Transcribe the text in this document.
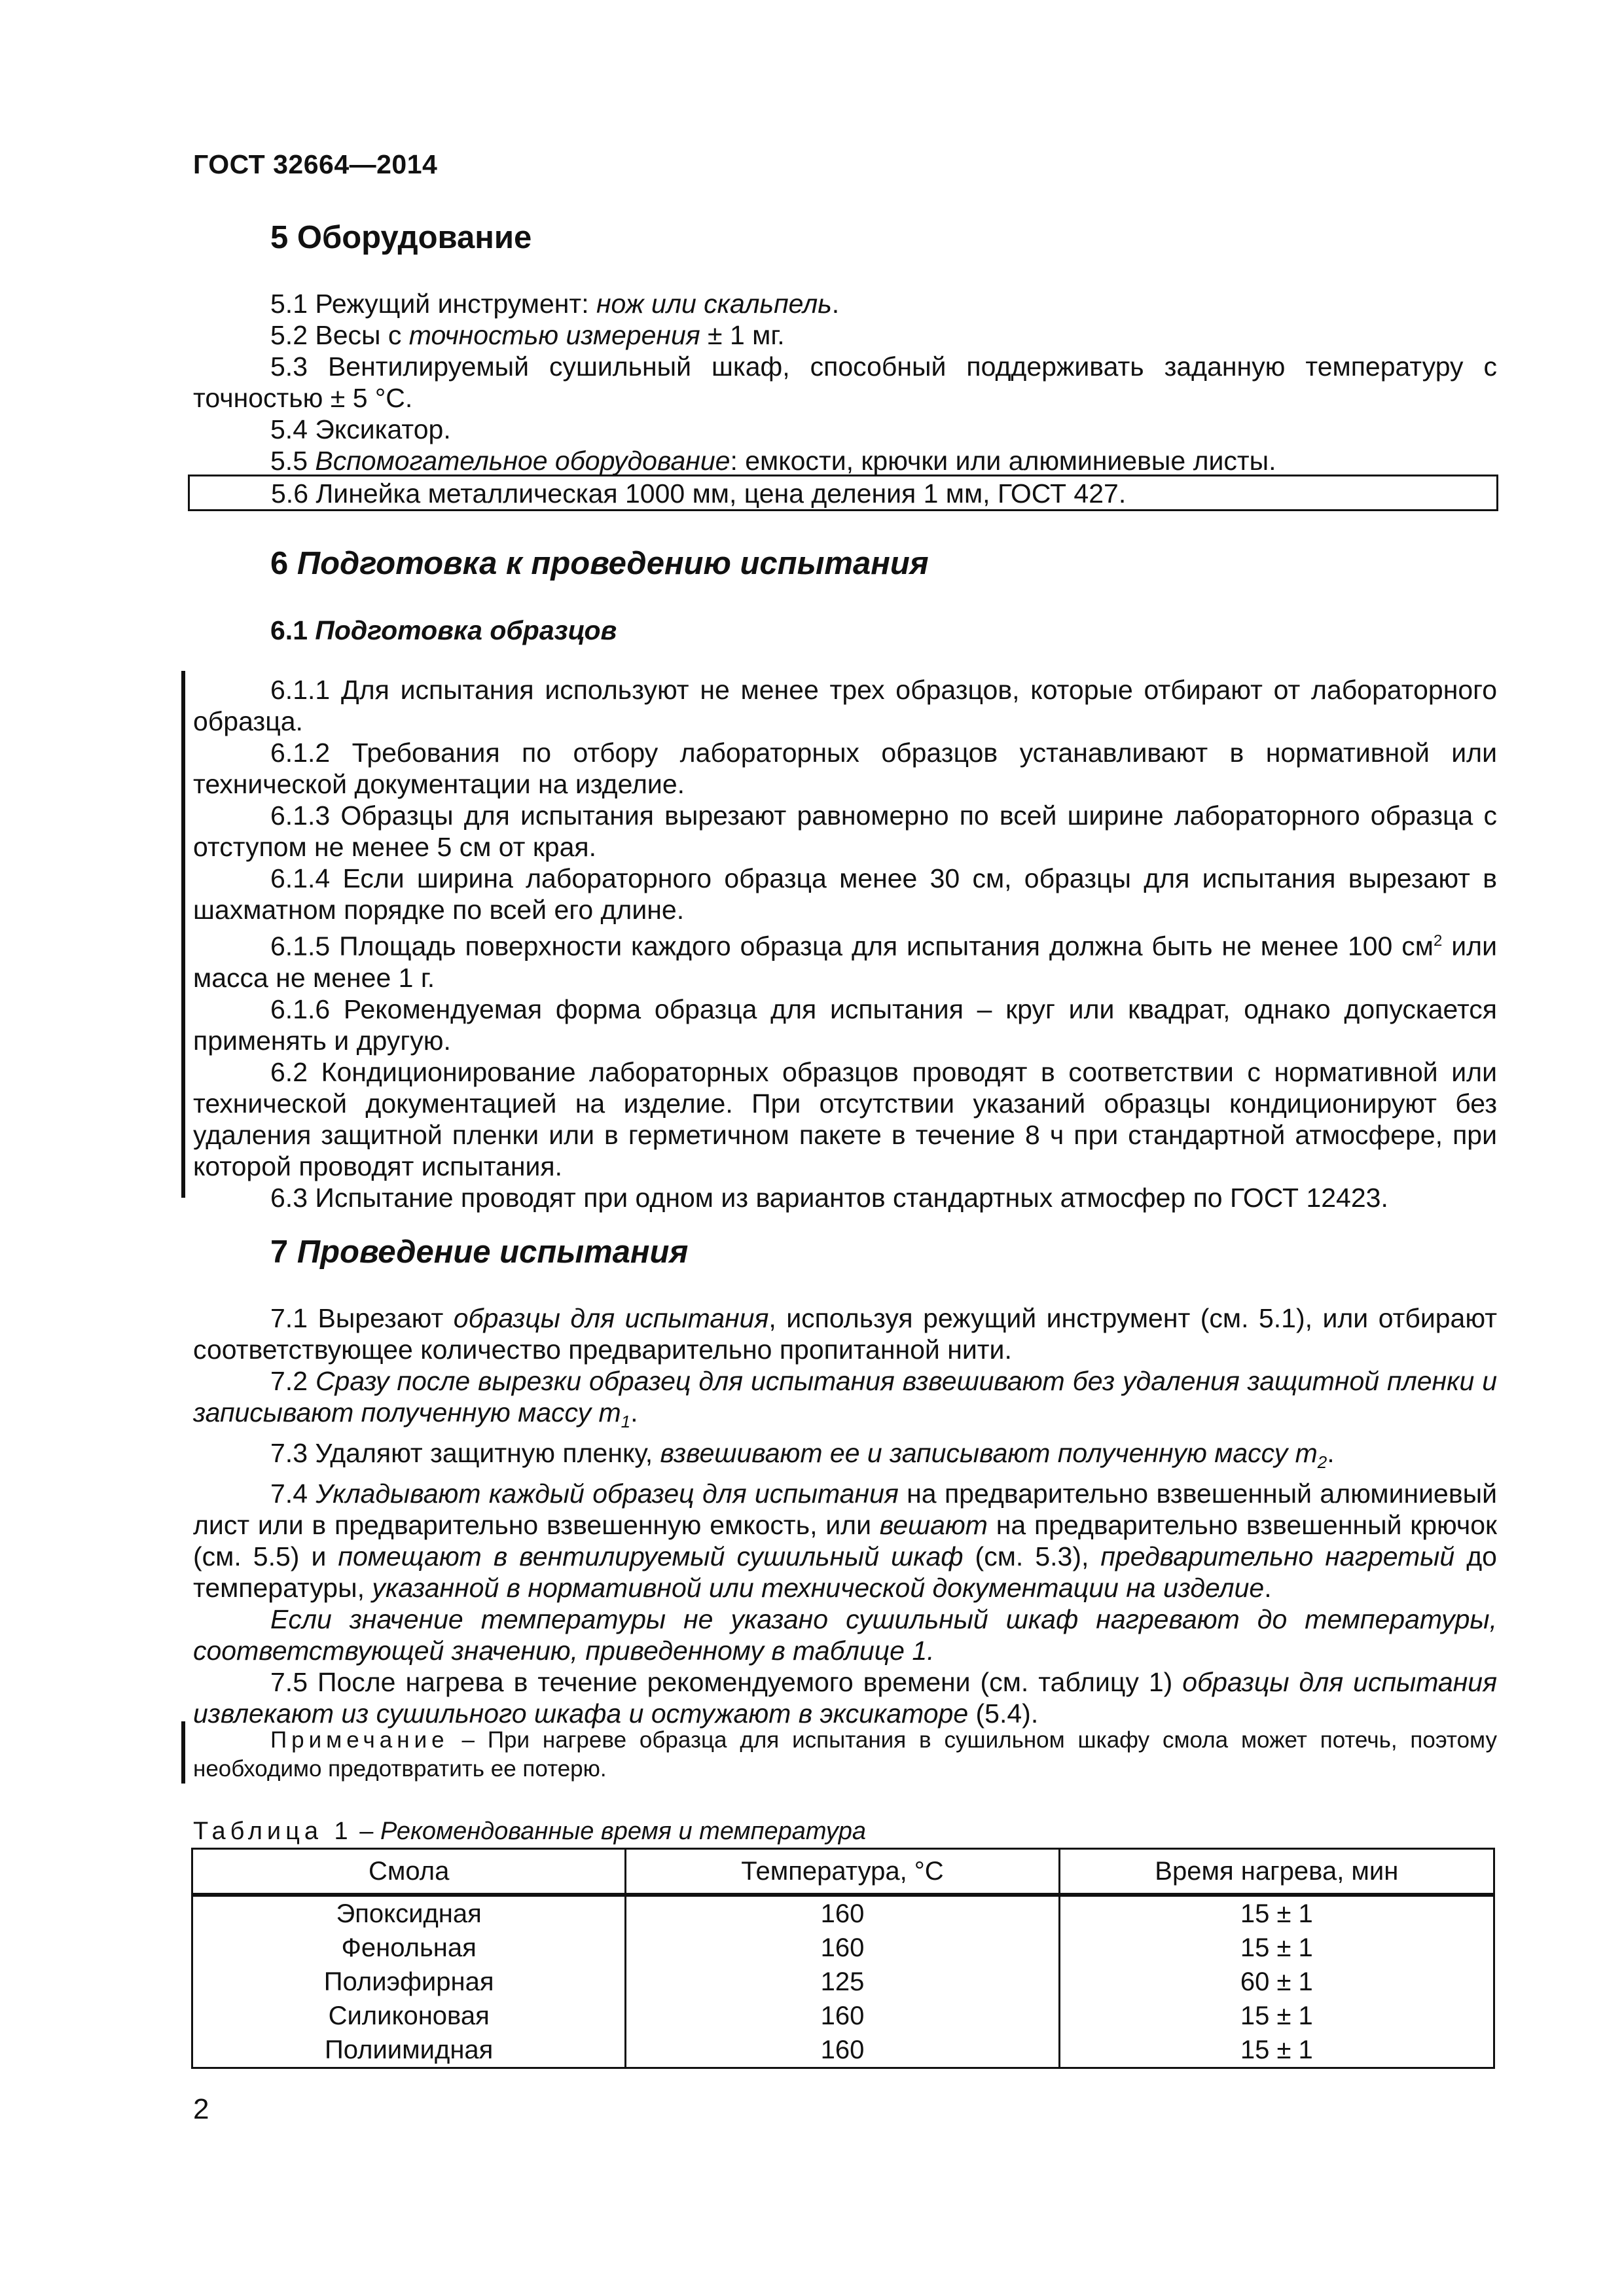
ГОСТ 32664—2014
5 Оборудование

5.1 Режущий инструмент: нож или скальпель.

5.2 Весы с точностью измерения ± 1 мг.

5.3 Вентилируемый сушильный шкаф, способный поддерживать заданную температуру с точностью ± 5 °С.

5.4 Эксикатор.

5.5 Вспомогательное оборудование: емкости, крючки или алюминиевые листы.

5.6 Линейка металлическая 1000 мм, цена деления 1 мм, ГОСТ 427.
6 Подготовка к проведению испытания
6.1 Подготовка образцов

6.1.1 Для испытания используют не менее трех образцов, которые отбирают от лабораторного образца.

6.1.2 Требования по отбору лабораторных образцов устанавливают в нормативной или технической документации на изделие.

6.1.3 Образцы для испытания вырезают равномерно по всей ширине лабораторного образца с отступом не менее 5 см от края.

6.1.4 Если ширина лабораторного образца менее 30 см, образцы для испытания вырезают в шахматном порядке по всей его длине.

6.1.5 Площадь поверхности каждого образца для испытания должна быть не менее 100 $см^2$ или масса не менее 1 г.

6.1.6 Рекомендуемая форма образца для испытания – круг или квадрат, однако допускается применять и другую.

6.2 Кондиционирование лабораторных образцов проводят в соответствии с нормативной или технической документацией на изделие. При отсутствии указаний образцы кондиционируют без удаления защитной пленки или в герметичном пакете в течение 8 ч при стандартной атмосфере, при которой проводят испытания.

6.3 Испытание проводят при одном из вариантов стандартных атмосфер по ГОСТ 12423.

7 Проведение испытания

7.1 Вырезают образцы для испытания, используя режущий инструмент (см. 5.1), или отбирают соответствующее количество предварительно пропитанной нити.

7.2 Сразу после вырезки образец для испытания взвешивают без удаления защитной пленки и записывают полученную массу $m_1$.

7.3 Удаляют защитную пленку, взвешивают ее и записывают полученную массу $m_2$.

7.4 Укладывают каждый образец для испытания на предварительно взвешенный алюминиевый лист или в предварительно взвешенную емкость, или вешают на предварительно взвешенный крючок (см. 5.5) и помещают в вентилируемый сушильный шкаф (см. 5.3), предварительно нагретый до температуры, указанной в нормативной или технической документации на изделие.

Если значение температуры не указано сушильный шкаф нагревают до температуры, соответствующей значению, приведенному в таблице 1.

7.5 После нагрева в течение рекомендуемого времени (см. таблицу 1) образцы для испытания извлекают из сушильного шкафа и остужают в эксикаторе (5.4).

Примечание – При нагреве образца для испытания в сушильном шкафу смола может потечь, поэтому необходимо предотвратить ее потерю.

Таблица 1 – Рекомендованные время и температура
Смола	Температура, °С	Время нагрева, мин
Эпоксидная	160	15 ± 1
Фенольная	160	15 ± 1
Полиэфирная	125	60 ± 1
Силиконовая	160	15 ± 1
Полиимидная	160	15 ± 1
2
